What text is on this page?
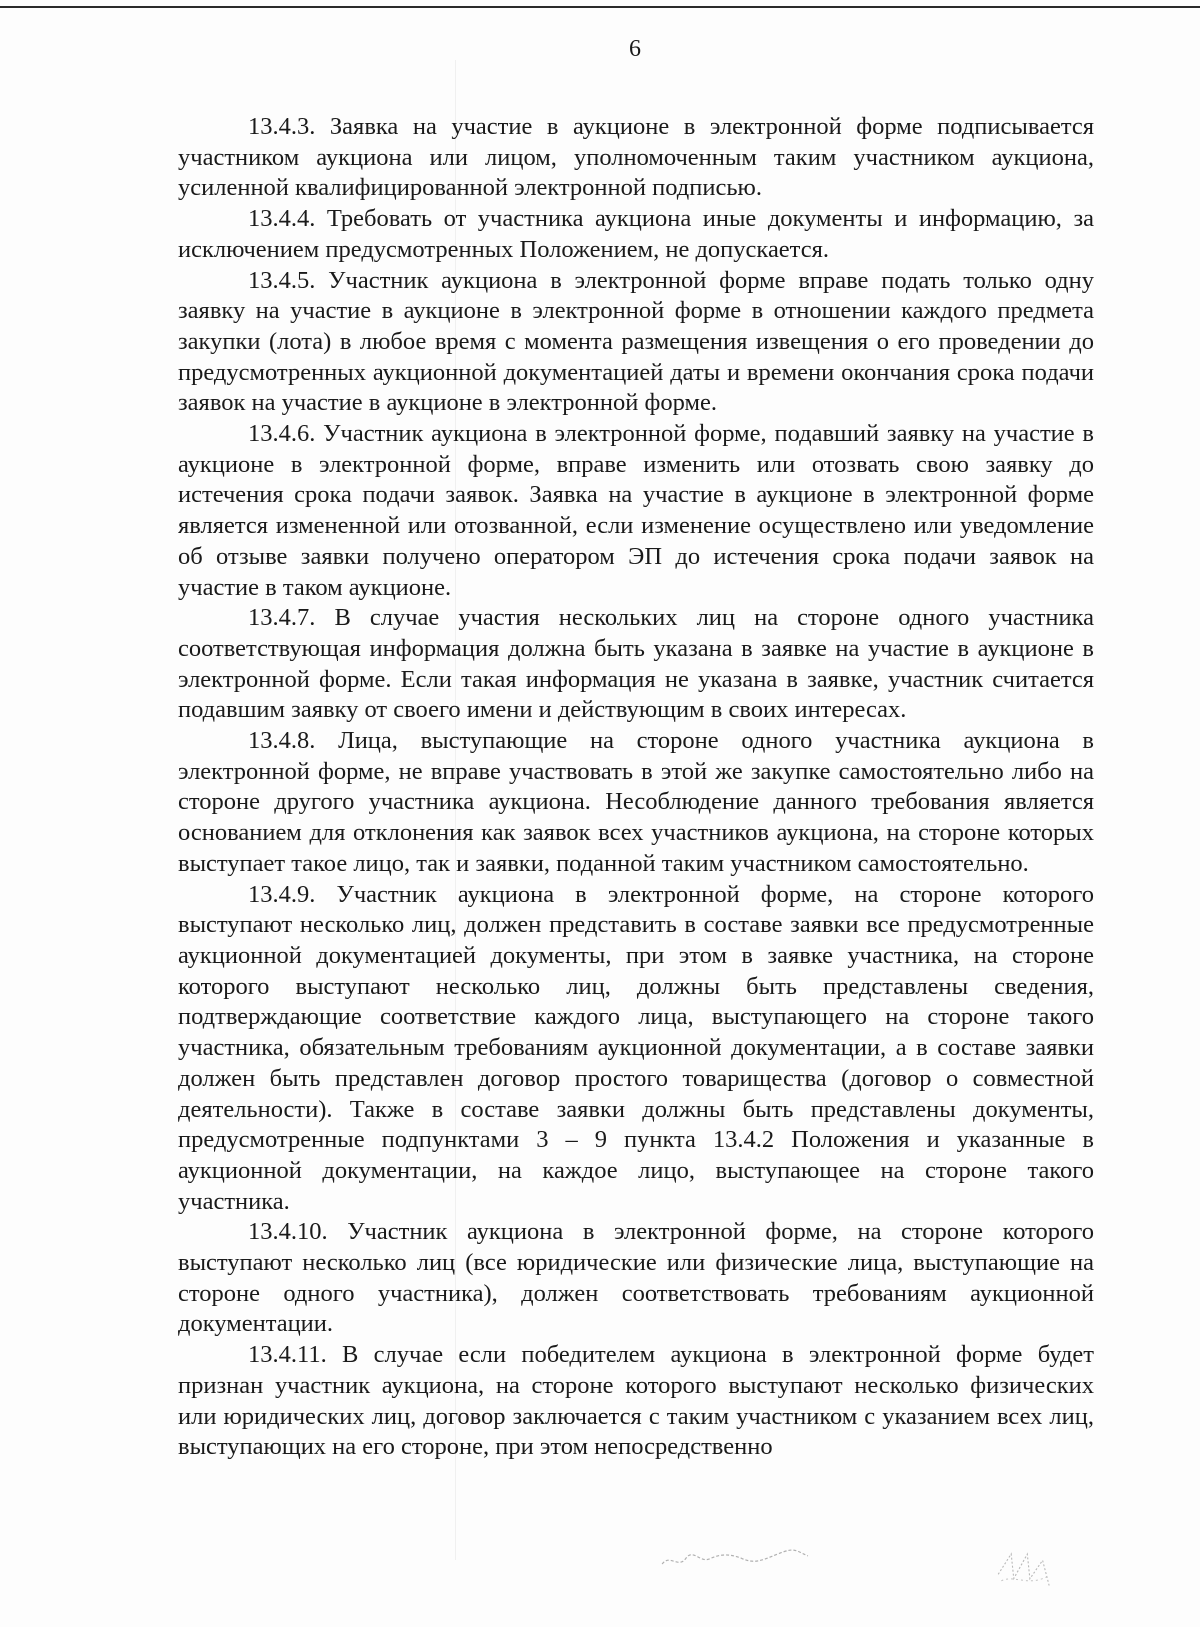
6

13.4.3. Заявка на участие в аукционе в электронной форме подписывается участником аукциона или лицом, уполномоченным таким участником аукциона, усиленной квалифицированной электронной подписью.

13.4.4. Требовать от участника аукциона иные документы и информацию, за исключением предусмотренных Положением, не допускается.

13.4.5. Участник аукциона в электронной форме вправе подать только одну заявку на участие в аукционе в электронной форме в отношении каждого предмета закупки (лота) в любое время с момента размещения извещения о его проведении до предусмотренных аукционной документацией даты и времени окончания срока подачи заявок на участие в аукционе в электронной форме.

13.4.6. Участник аукциона в электронной форме, подавший заявку на участие в аукционе в электронной форме, вправе изменить или отозвать свою заявку до истечения срока подачи заявок. Заявка на участие в аукционе в электронной форме является измененной или отозванной, если изменение осуществлено или уведомление об отзыве заявки получено оператором ЭП до истечения срока подачи заявок на участие в таком аукционе.

13.4.7. В случае участия нескольких лиц на стороне одного участника соответствующая информация должна быть указана в заявке на участие в аукционе в электронной форме. Если такая информация не указана в заявке, участник считается подавшим заявку от своего имени и действующим в своих интересах.

13.4.8. Лица, выступающие на стороне одного участника аукциона в электронной форме, не вправе участвовать в этой же закупке самостоятельно либо на стороне другого участника аукциона. Несоблюдение данного требования является основанием для отклонения как заявок всех участников аукциона, на стороне которых выступает такое лицо, так и заявки, поданной таким участником самостоятельно.

13.4.9. Участник аукциона в электронной форме, на стороне которого выступают несколько лиц, должен представить в составе заявки все предусмотренные аукционной документацией документы, при этом в заявке участника, на стороне которого выступают несколько лиц, должны быть представлены сведения, подтверждающие соответствие каждого лица, выступающего на стороне такого участника, обязательным требованиям аукционной документации, а в составе заявки должен быть представлен договор простого товарищества (договор о совместной деятельности). Также в составе заявки должны быть представлены документы, предусмотренные подпунктами 3 – 9 пункта 13.4.2 Положения и указанные в аукционной документации, на каждое лицо, выступающее на стороне такого участника.

13.4.10. Участник аукциона в электронной форме, на стороне которого выступают несколько лиц (все юридические или физические лица, выступающие на стороне одного участника), должен соответствовать требованиям аукционной документации.

13.4.11. В случае если победителем аукциона в электронной форме будет признан участник аукциона, на стороне которого выступают несколько физических или юридических лиц, договор заключается с таким участником с указанием всех лиц, выступающих на его стороне, при этом непосредственно
